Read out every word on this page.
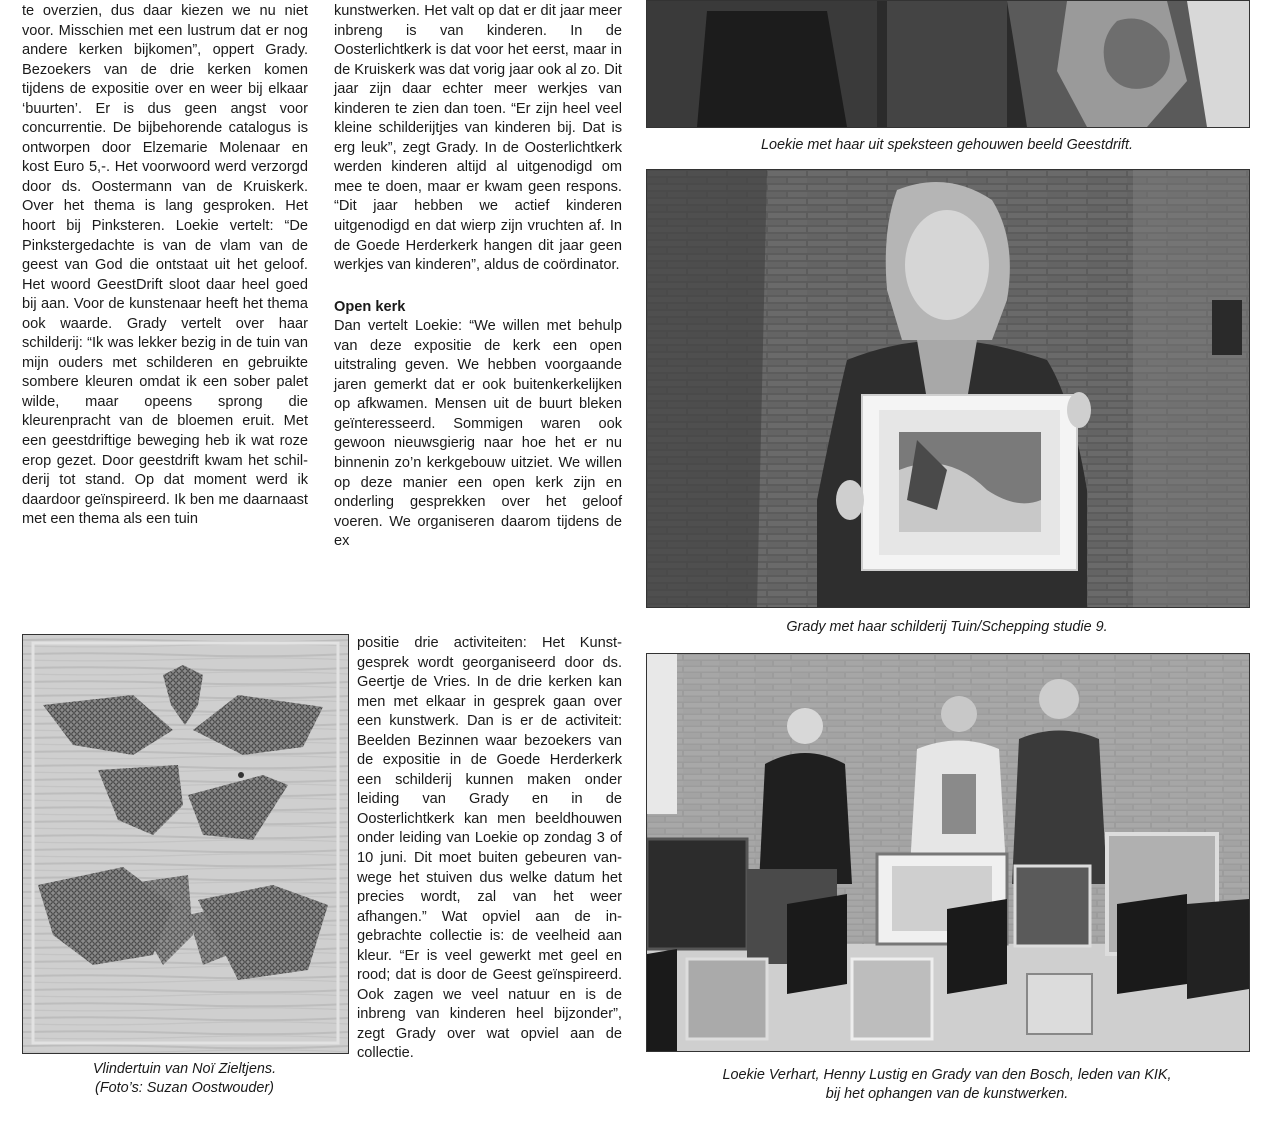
te overzien, dus daar kiezen we nu niet voor. Misschien met een lustrum dat er nog andere kerken bijkomen”, oppert Grady. Bezoekers van de drie kerken komen tijdens de expositie over en weer bij elkaar ‘buurten’. Er is dus geen angst voor concurrentie. De bijbehorende catalogus is ontworpen door Elzemarie Molenaar en kost Euro 5,-. Het voorwoord werd verzorgd door ds. Oostermann van de Kruiskerk. Over het thema is lang gesproken. Het hoort bij Pinksteren. Loekie vertelt: “De Pinkstergedachte is van de vlam van de geest van God die ontstaat uit het geloof. Het woord GeestDrift sloot daar heel goed bij aan. Voor de kunstenaar heeft het thema ook waarde. Grady vertelt over haar schilderij: “Ik was lekker bezig in de tuin van mijn ouders met schilderen en gebruikte sombere kleuren omdat ik een sober palet wilde, maar opeens sprong die kleurenpracht van de bloemen eruit. Met een geestdriftige beweging heb ik wat roze erop gezet. Door geestdrift kwam het schilderij tot stand. Op dat moment werd ik daardoor geïnspireerd. Ik ben me daarnaast met een thema als een tuin

kunstwerken. Het valt op dat er dit jaar meer inbreng is van kinderen. In de Oosterlichtkerk is dat voor het eerst, maar in de Kruiskerk was dat vorig jaar ook al zo. Dit jaar zijn daar echter meer werkjes van kinderen te zien dan toen. “Er zijn heel veel kleine schilderijtjes van kinderen bij. Dat is erg leuk”, zegt Grady. In de Oosterlichtkerk werden kinderen altijd al uitgenodigd om mee te doen, maar er kwam geen respons. “Dit jaar hebben we actief kinderen uitgenodigd en dat wierp zijn vruchten af. In de Goede Herderkerk hangen dit jaar geen werkjes van kinderen”, aldus de coördinator.

Open kerk

Dan vertelt Loekie: “We willen met behulp van deze expositie de kerk een open uitstraling geven. We hebben voorgaande jaren gemerkt dat er ook buitenkerkelijken op afkwamen. Mensen uit de buurt bleken geïnteresseerd. Sommigen waren ook gewoon nieuwsgierig naar hoe het er nu binnenin zo’n kerkgebouw uitziet. We willen op deze manier een open kerk zijn en onderling gesprekken over het geloof voeren. We organiseren daarom tijdens de ex

positie drie activiteiten: Het Kunstgesprek wordt georganiseerd door ds. Geertje de Vries. In de drie kerken kan men met elkaar in gesprek gaan over een kunstwerk. Dan is er de activiteit: Beelden Bezinnen waar bezoekers van de expositie in de Goede Herderkerk een schilderij kunnen maken onder leiding van Grady en in de Oosterlichtkerk kan men beeldhouwen onder leiding van Loekie op zondag 3 of 10 juni. Dit moet buiten gebeuren vanwege het stuiven dus welke datum het precies wordt, zal van het weer afhangen.” Wat opviel aan de ingebrachte collectie is: de veelheid aan kleur. “Er is veel gewerkt met geel en rood; dat is door de Geest geïnspireerd. Ook zagen we veel natuur en is de inbreng van kinderen heel bijzonder”, zegt Grady over wat opviel aan de collectie.

Vlindertuin van Noï Zieltjens.
(Foto’s: Suzan Oostwouder)
Loekie met haar uit speksteen gehouwen beeld Geestdrift.
Grady met haar schilderij Tuin/Schepping studie 9.
Loekie Verhart, Henny Lustig en Grady van den Bosch, leden van KIK,
bij het ophangen van de kunstwerken.
